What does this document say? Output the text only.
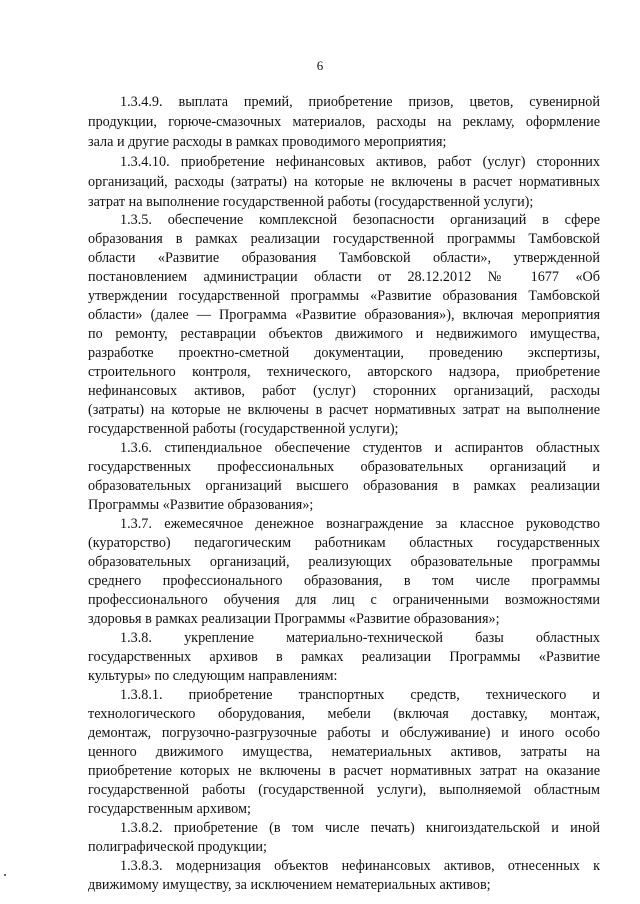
6
1.3.4.9. выплата премий, приобретение призов, цветов, сувенирной
продукции, горюче-смазочных материалов, расходы на рекламу, оформление
зала и другие расходы в рамках проводимого мероприятия;
1.3.4.10. приобретение нефинансовых активов, работ (услуг) сторонних
организаций, расходы (затраты) на которые не включены в расчет нормативных
затрат на выполнение государственной работы (государственной услуги);
1.3.5. обеспечение комплексной безопасности организаций в сфере
образования в рамках реализации государственной программы Тамбовской
области «Развитие образования Тамбовской области», утвержденной
постановлением администрации области от 28.12.2012 № 1677 «Об
утверждении государственной программы «Развитие образования Тамбовской
области» (далее — Программа «Развитие образования»), включая мероприятия
по ремонту, реставрации объектов движимого и недвижимого имущества,
разработке проектно-сметной документации, проведению экспертизы,
строительного контроля, технического, авторского надзора, приобретение
нефинансовых активов, работ (услуг) сторонних организаций, расходы
(затраты) на которые не включены в расчет нормативных затрат на выполнение
государственной работы (государственной услуги);
1.3.6. стипендиальное обеспечение студентов и аспирантов областных
государственных профессиональных образовательных организаций и
образовательных организаций высшего образования в рамках реализации
Программы «Развитие образования»;
1.3.7. ежемесячное денежное вознаграждение за классное руководство
(кураторство) педагогическим работникам областных государственных
образовательных организаций, реализующих образовательные программы
среднего профессионального образования, в том числе программы
профессионального обучения для лиц с ограниченными возможностями
здоровья в рамках реализации Программы «Развитие образования»;
1.3.8. укрепление материально-технической базы областных
государственных архивов в рамках реализации Программы «Развитие
культуры» по следующим направлениям:
1.3.8.1. приобретение транспортных средств, технического и
технологического оборудования, мебели (включая доставку, монтаж,
демонтаж, погрузочно-разгрузочные работы и обслуживание) и иного особо
ценного движимого имущества, нематериальных активов, затраты на
приобретение которых не включены в расчет нормативных затрат на оказание
государственной работы (государственной услуги), выполняемой областным
государственным архивом;
1.3.8.2. приобретение (в том числе печать) книгоиздательской и иной
полиграфической продукции;
1.3.8.3. модернизация объектов нефинансовых активов, отнесенных к
движимому имуществу, за исключением нематериальных активов;
